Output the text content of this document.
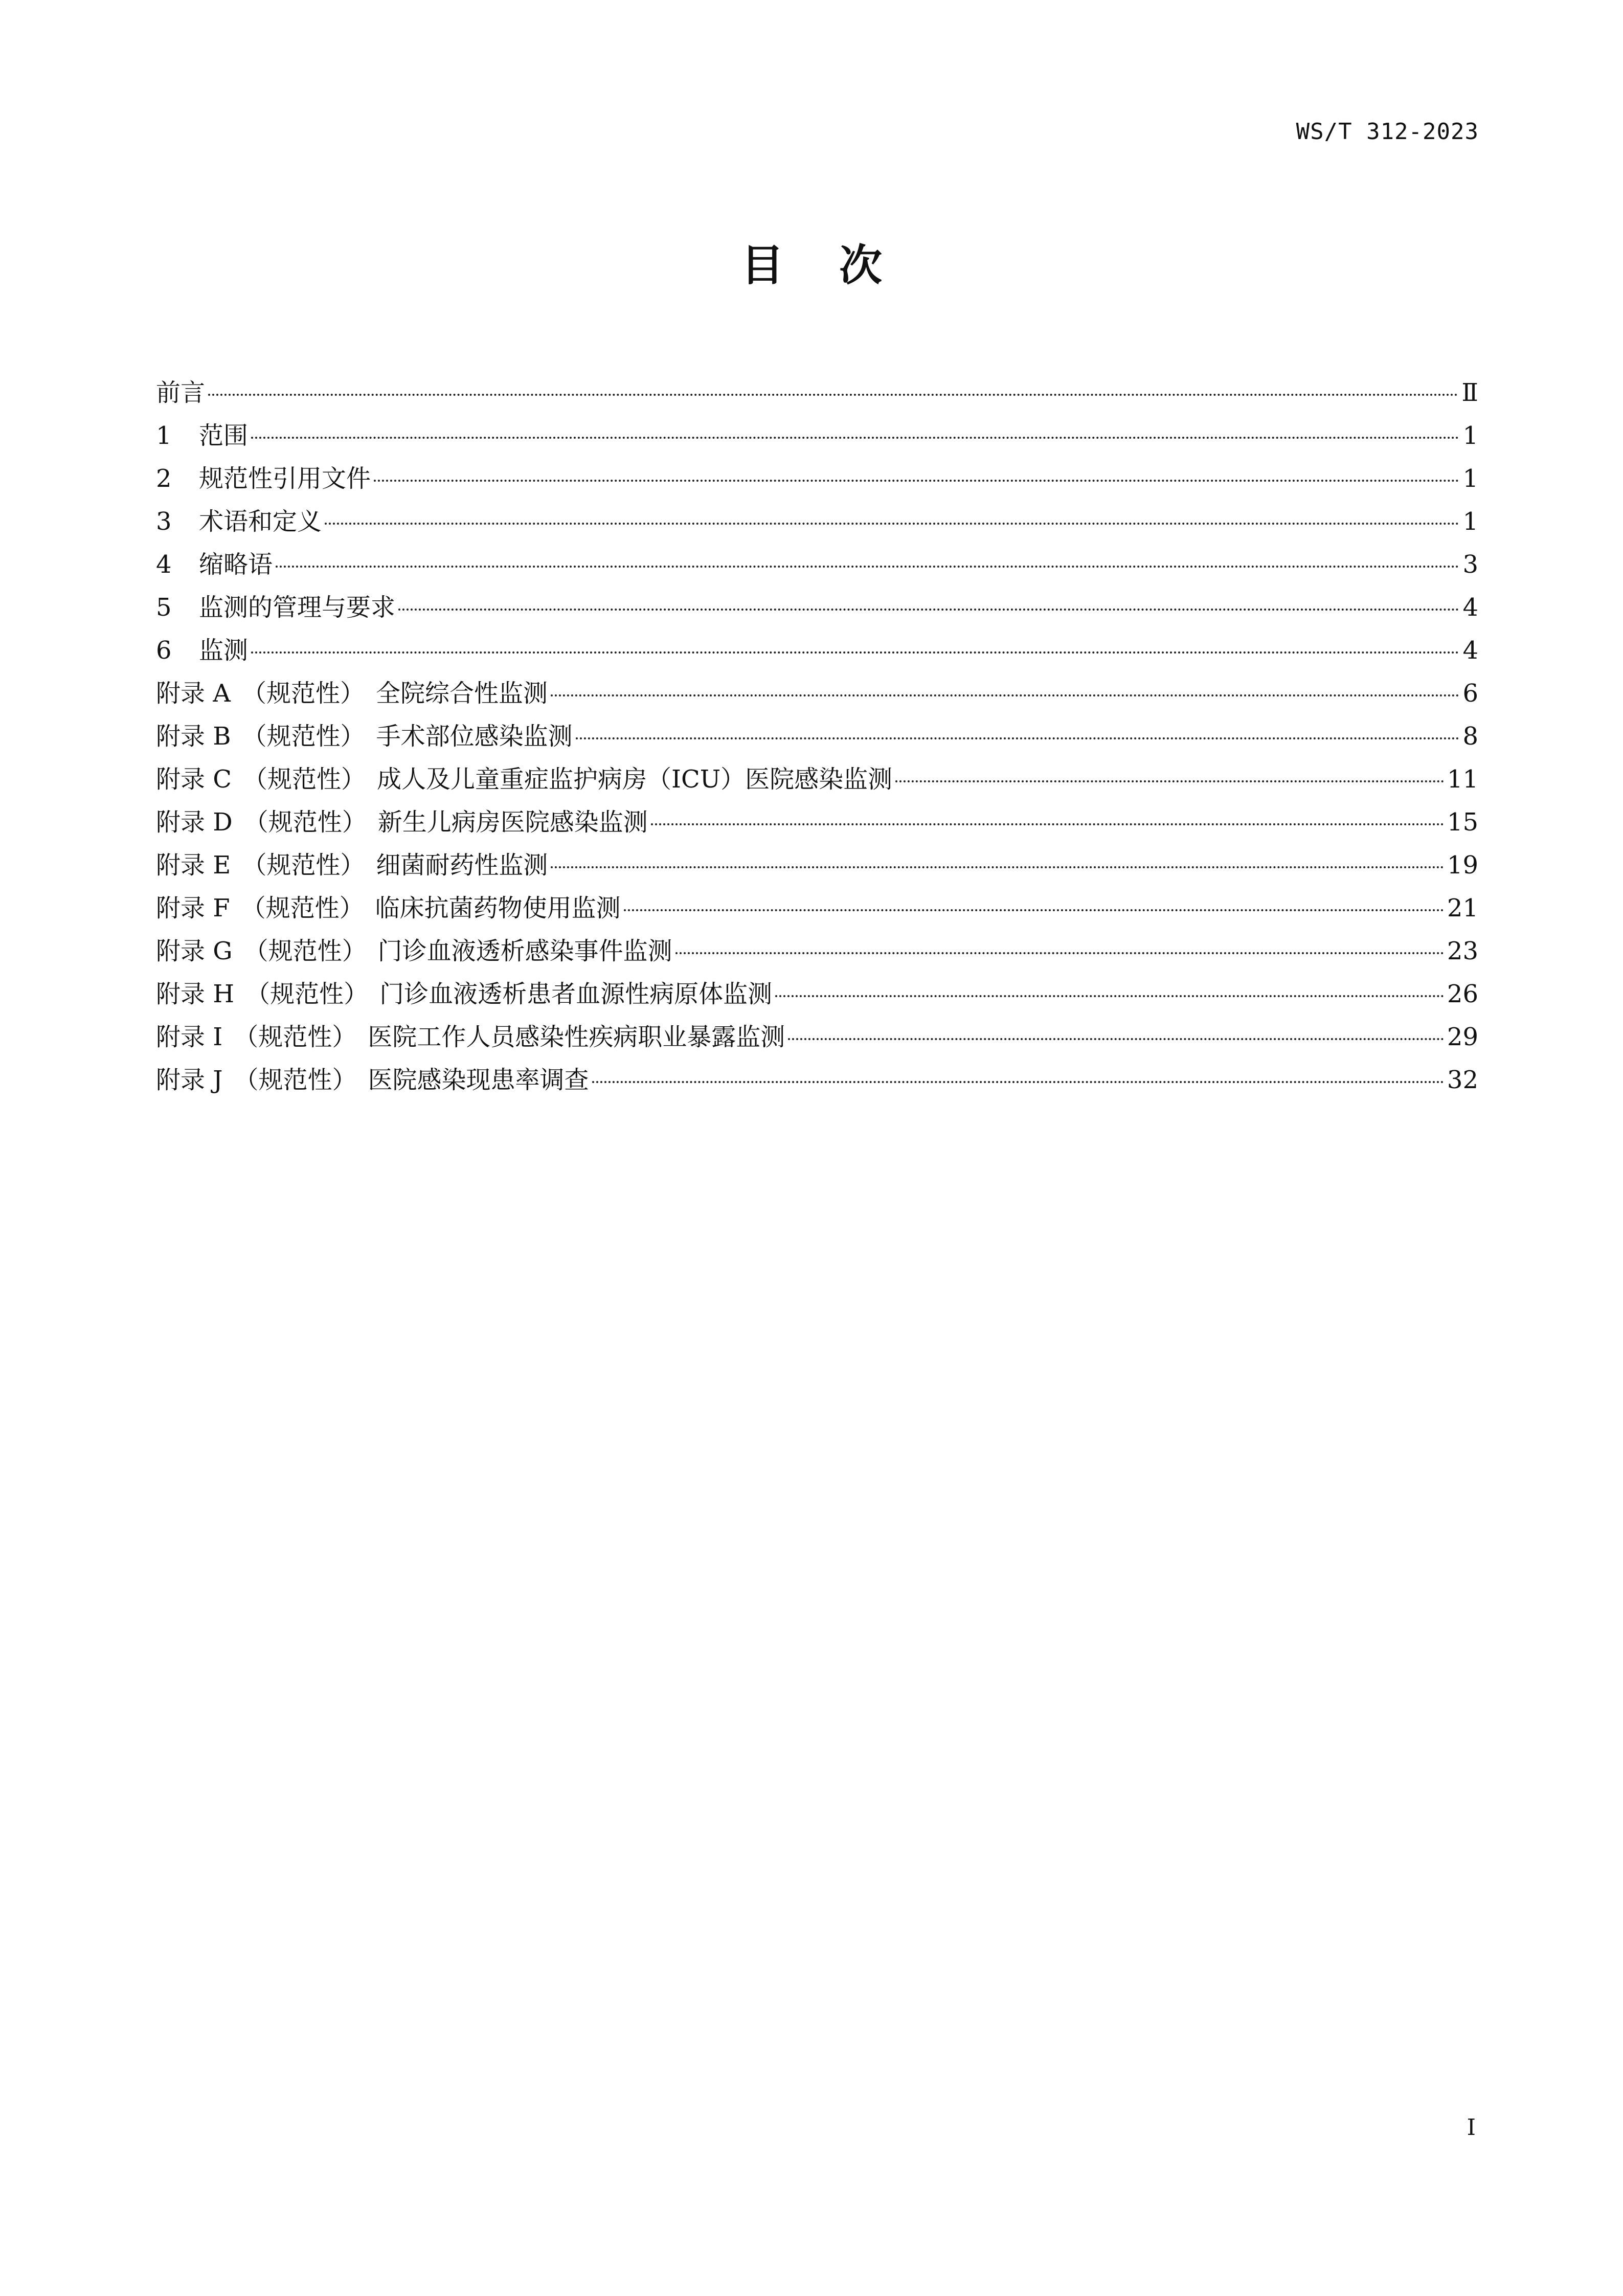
WS/T 312-2023
目 次
前言	Ⅱ
1	范围	1
2	规范性引用文件	1
3	术语和定义	1
4	缩略语	3
5	监测的管理与要求	4
6	监测	4
附录 A （规范性） 全院综合性监测	6
附录 B （规范性） 手术部位感染监测	8
附录 C （规范性） 成人及儿童重症监护病房（ICU）医院感染监测	11
附录 D （规范性） 新生儿病房医院感染监测	15
附录 E （规范性） 细菌耐药性监测	19
附录 F （规范性） 临床抗菌药物使用监测	21
附录 G （规范性） 门诊血液透析感染事件监测	23
附录 H （规范性） 门诊血液透析患者血源性病原体监测	26
附录 I （规范性） 医院工作人员感染性疾病职业暴露监测	29
附录 J （规范性） 医院感染现患率调查	32
I
